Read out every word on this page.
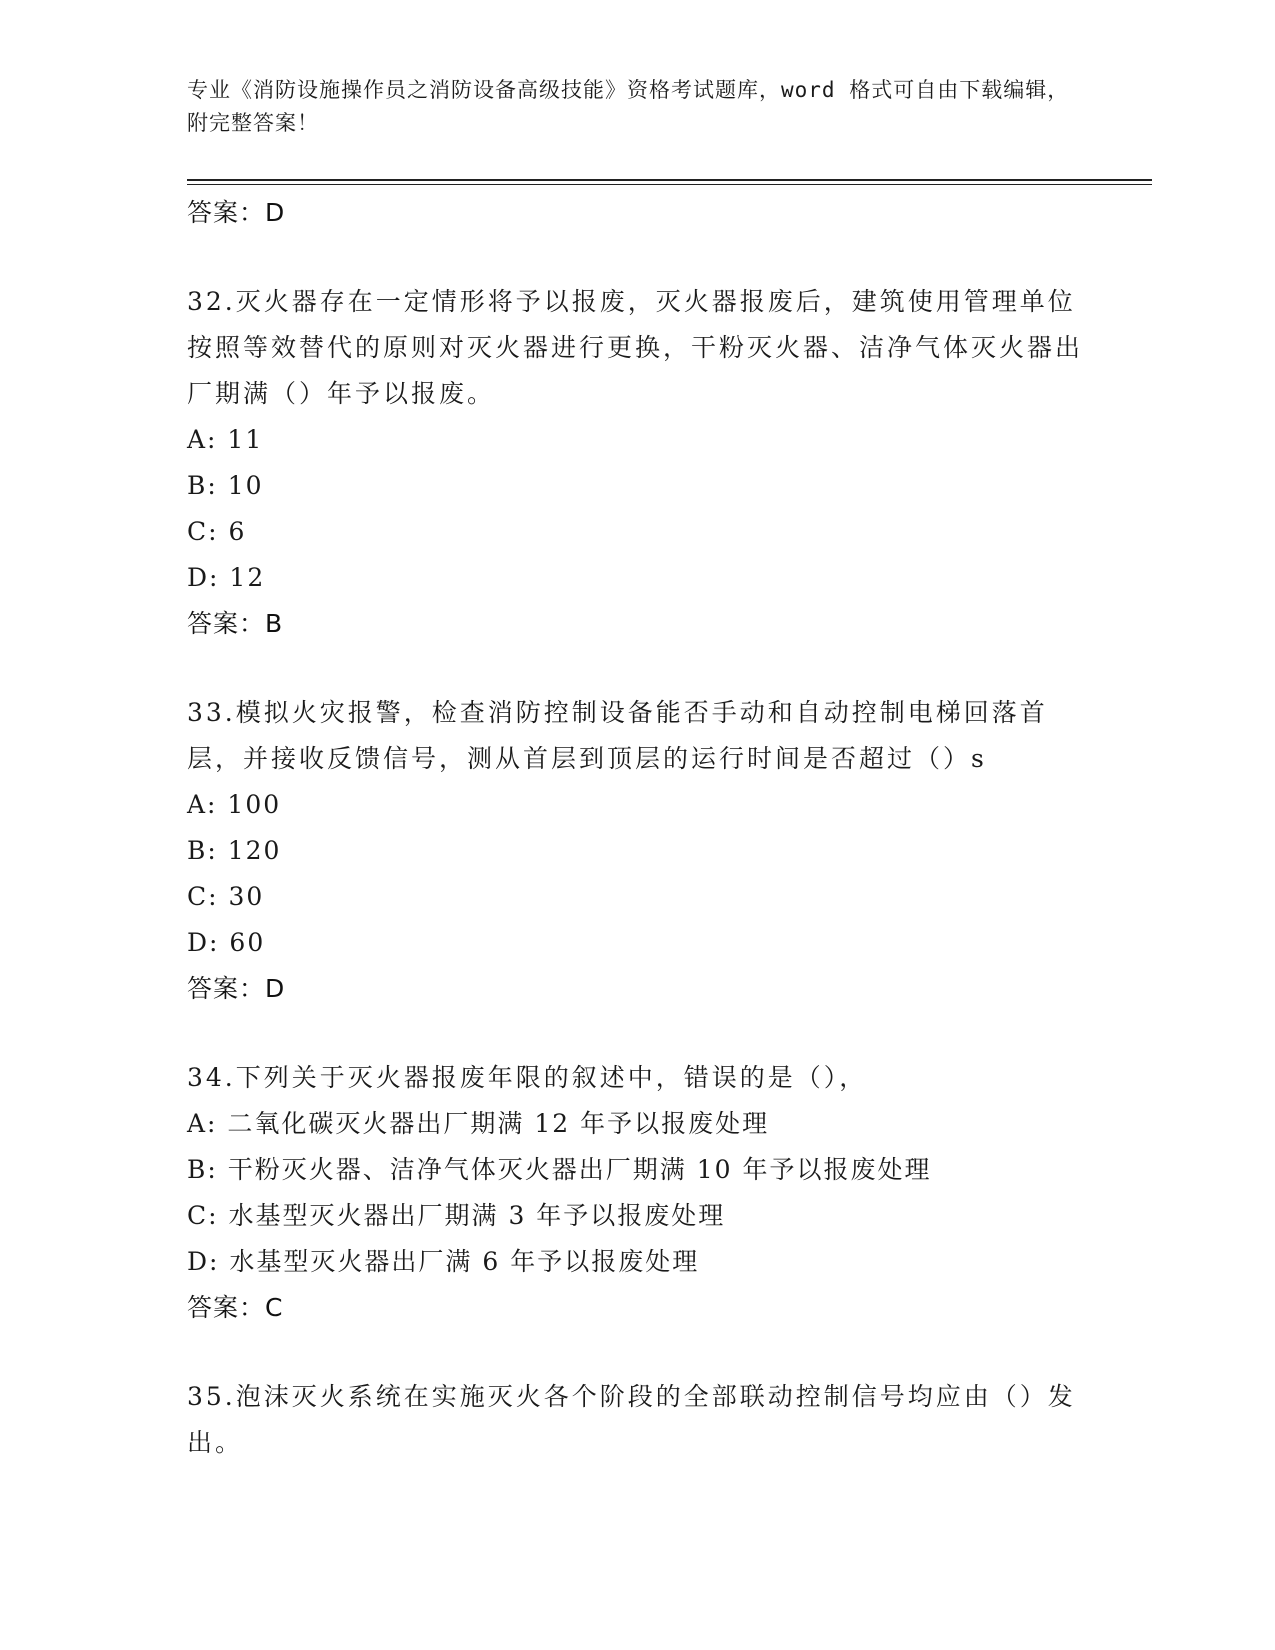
专业《消防设施操作员之消防设备高级技能》资格考试题库，word 格式可自由下载编辑，附完整答案！
答案：D
32.灭火器存在一定情形将予以报废，灭火器报废后，建筑使用管理单位按照等效替代的原则对灭火器进行更换，干粉灭火器、洁净气体灭火器出厂期满（）年予以报废。
A: 11
B: 10
C: 6
D: 12
答案：B
33.模拟火灾报警，检查消防控制设备能否手动和自动控制电梯回落首层，并接收反馈信号，测从首层到顶层的运行时间是否超过（）s
A: 100
B: 120
C: 30
D: 60
答案：D
34.下列关于灭火器报废年限的叙述中，错误的是（），
A: 二氧化碳灭火器出厂期满 12 年予以报废处理
B: 干粉灭火器、洁净气体灭火器出厂期满 10 年予以报废处理
C: 水基型灭火器出厂期满 3 年予以报废处理
D: 水基型灭火器出厂满 6 年予以报废处理
答案：C
35.泡沫灭火系统在实施灭火各个阶段的全部联动控制信号均应由（）发出。
